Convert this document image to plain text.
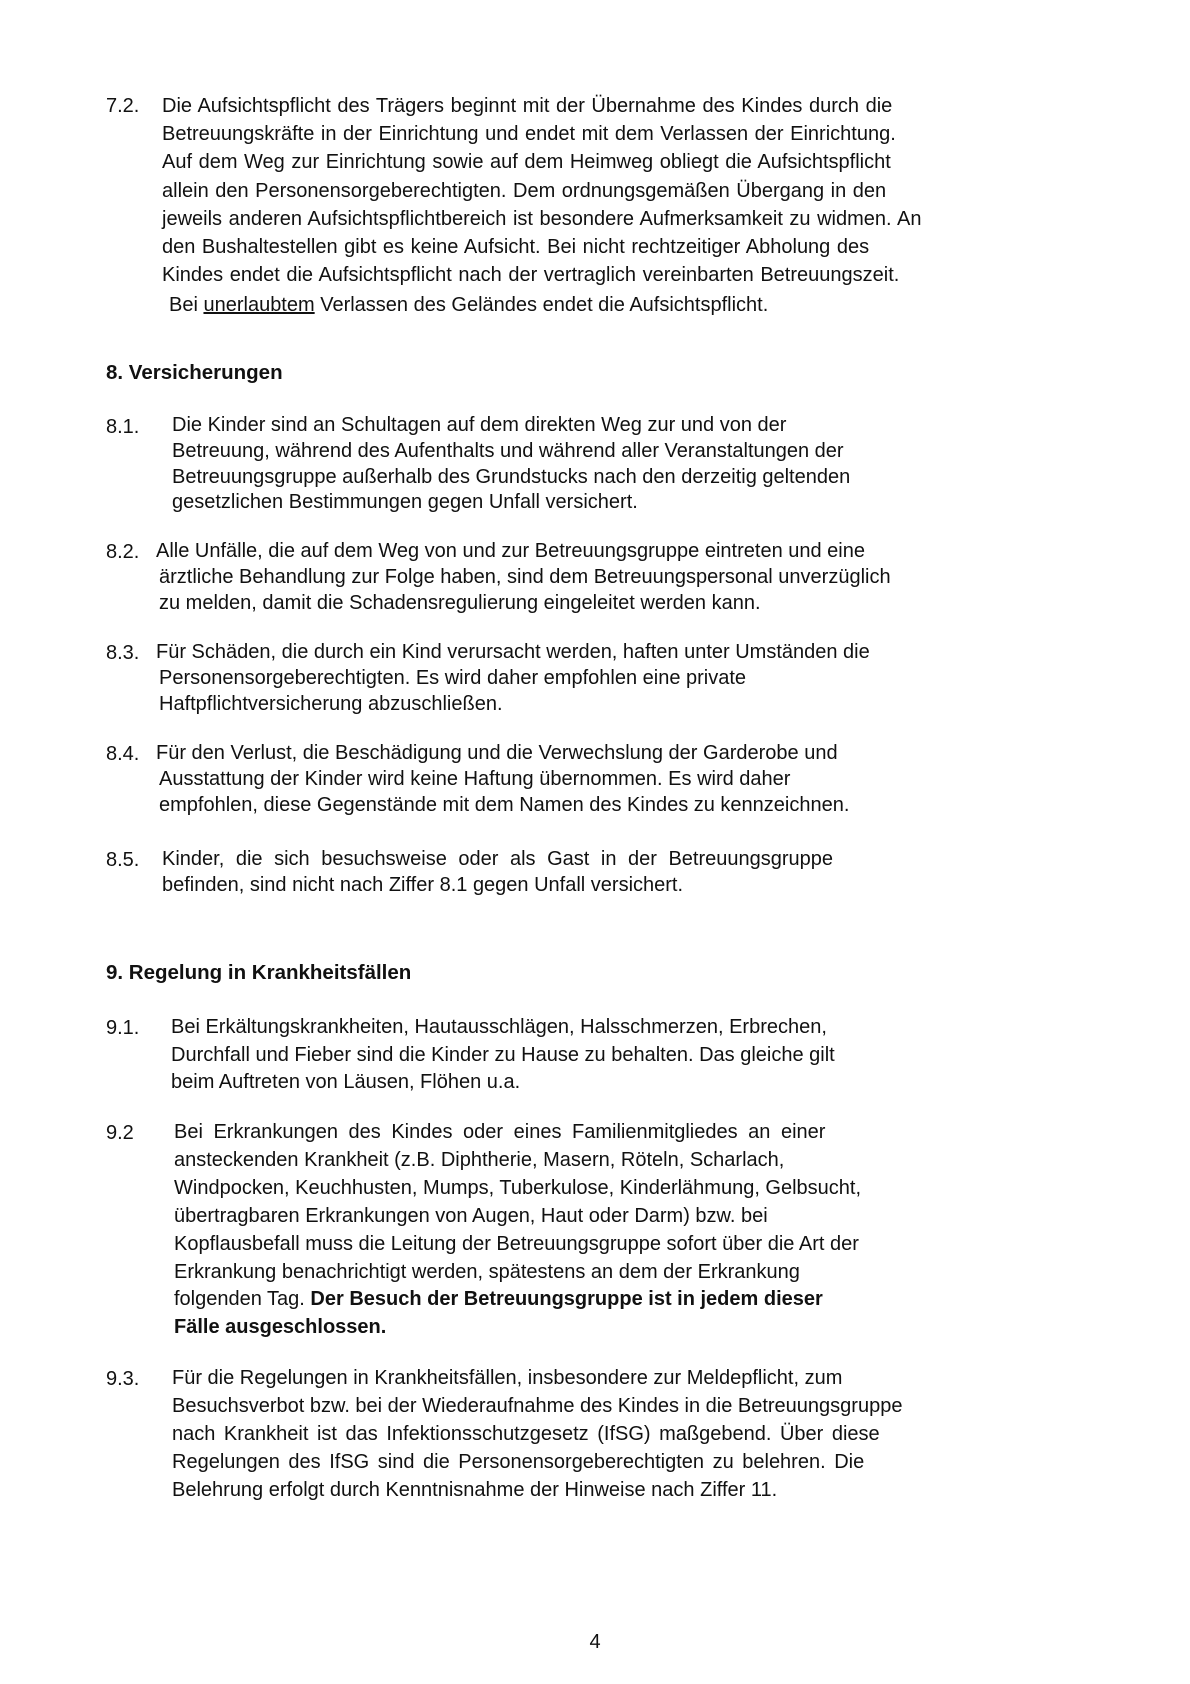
7.2. Die Aufsichtspflicht des Trägers beginnt mit der Übernahme des Kindes durch die
Betreuungskräfte in der Einrichtung und endet mit dem Verlassen der Einrichtung.
Auf dem Weg zur Einrichtung sowie auf dem Heimweg obliegt die Aufsichtspflicht
allein den Personensorgeberechtigten. Dem ordnungsgemäßen Übergang in den
jeweils anderen Aufsichtspflichtbereich ist besondere Aufmerksamkeit zu widmen. An
den Bushaltestellen gibt es keine Aufsicht. Bei nicht rechtzeitiger Abholung des
Kindes endet die Aufsichtspflicht nach der vertraglich vereinbarten Betreuungszeit.
Bei unerlaubtem Verlassen des Geländes endet die Aufsichtspflicht.
8. Versicherungen
8.1. Die Kinder sind an Schultagen auf dem direkten Weg zur und von der
Betreuung, während des Aufenthalts und während aller Veranstaltungen der
Betreuungsgruppe außerhalb des Grundstucks nach den derzeitig geltenden
gesetzlichen Bestimmungen gegen Unfall versichert.
8.2. Alle Unfälle, die auf dem Weg von und zur Betreuungsgruppe eintreten und eine
ärztliche Behandlung zur Folge haben, sind dem Betreuungspersonal unverzüglich
zu melden, damit die Schadensregulierung eingeleitet werden kann.
8.3. Für Schäden, die durch ein Kind verursacht werden, haften unter Umständen die
Personensorgeberechtigten. Es wird daher empfohlen eine private
Haftpflichtversicherung abzuschließen.
8.4. Für den Verlust, die Beschädigung und die Verwechslung der Garderobe und
Ausstattung der Kinder wird keine Haftung übernommen. Es wird daher
empfohlen, diese Gegenstände mit dem Namen des Kindes zu kennzeichnen.
8.5. Kinder, die sich besuchsweise oder als Gast in der Betreuungsgruppe
befinden, sind nicht nach Ziffer 8.1 gegen Unfall versichert.
9. Regelung in Krankheitsfällen
9.1. Bei Erkältungskrankheiten, Hautausschlägen, Halsschmerzen, Erbrechen,
Durchfall und Fieber sind die Kinder zu Hause zu behalten. Das gleiche gilt
beim Auftreten von Läusen, Flöhen u.a.
9.2 Bei Erkrankungen des Kindes oder eines Familienmitgliedes an einer
ansteckenden Krankheit (z.B. Diphtherie, Masern, Röteln, Scharlach,
Windpocken, Keuchhusten, Mumps, Tuberkulose, Kinderlähmung, Gelbsucht,
übertragbaren Erkrankungen von Augen, Haut oder Darm) bzw. bei
Kopflausbefall muss die Leitung der Betreuungsgruppe sofort über die Art der
Erkrankung benachrichtigt werden, spätestens an dem der Erkrankung
folgenden Tag. Der Besuch der Betreuungsgruppe ist in jedem dieser
Fälle ausgeschlossen.
9.3. Für die Regelungen in Krankheitsfällen, insbesondere zur Meldepflicht, zum
Besuchsverbot bzw. bei der Wiederaufnahme des Kindes in die Betreuungsgruppe
nach Krankheit ist das Infektionsschutzgesetz (IfSG) maßgebend. Über diese
Regelungen des IfSG sind die Personensorgeberechtigten zu belehren. Die
Belehrung erfolgt durch Kenntnisnahme der Hinweise nach Ziffer 11.
4
